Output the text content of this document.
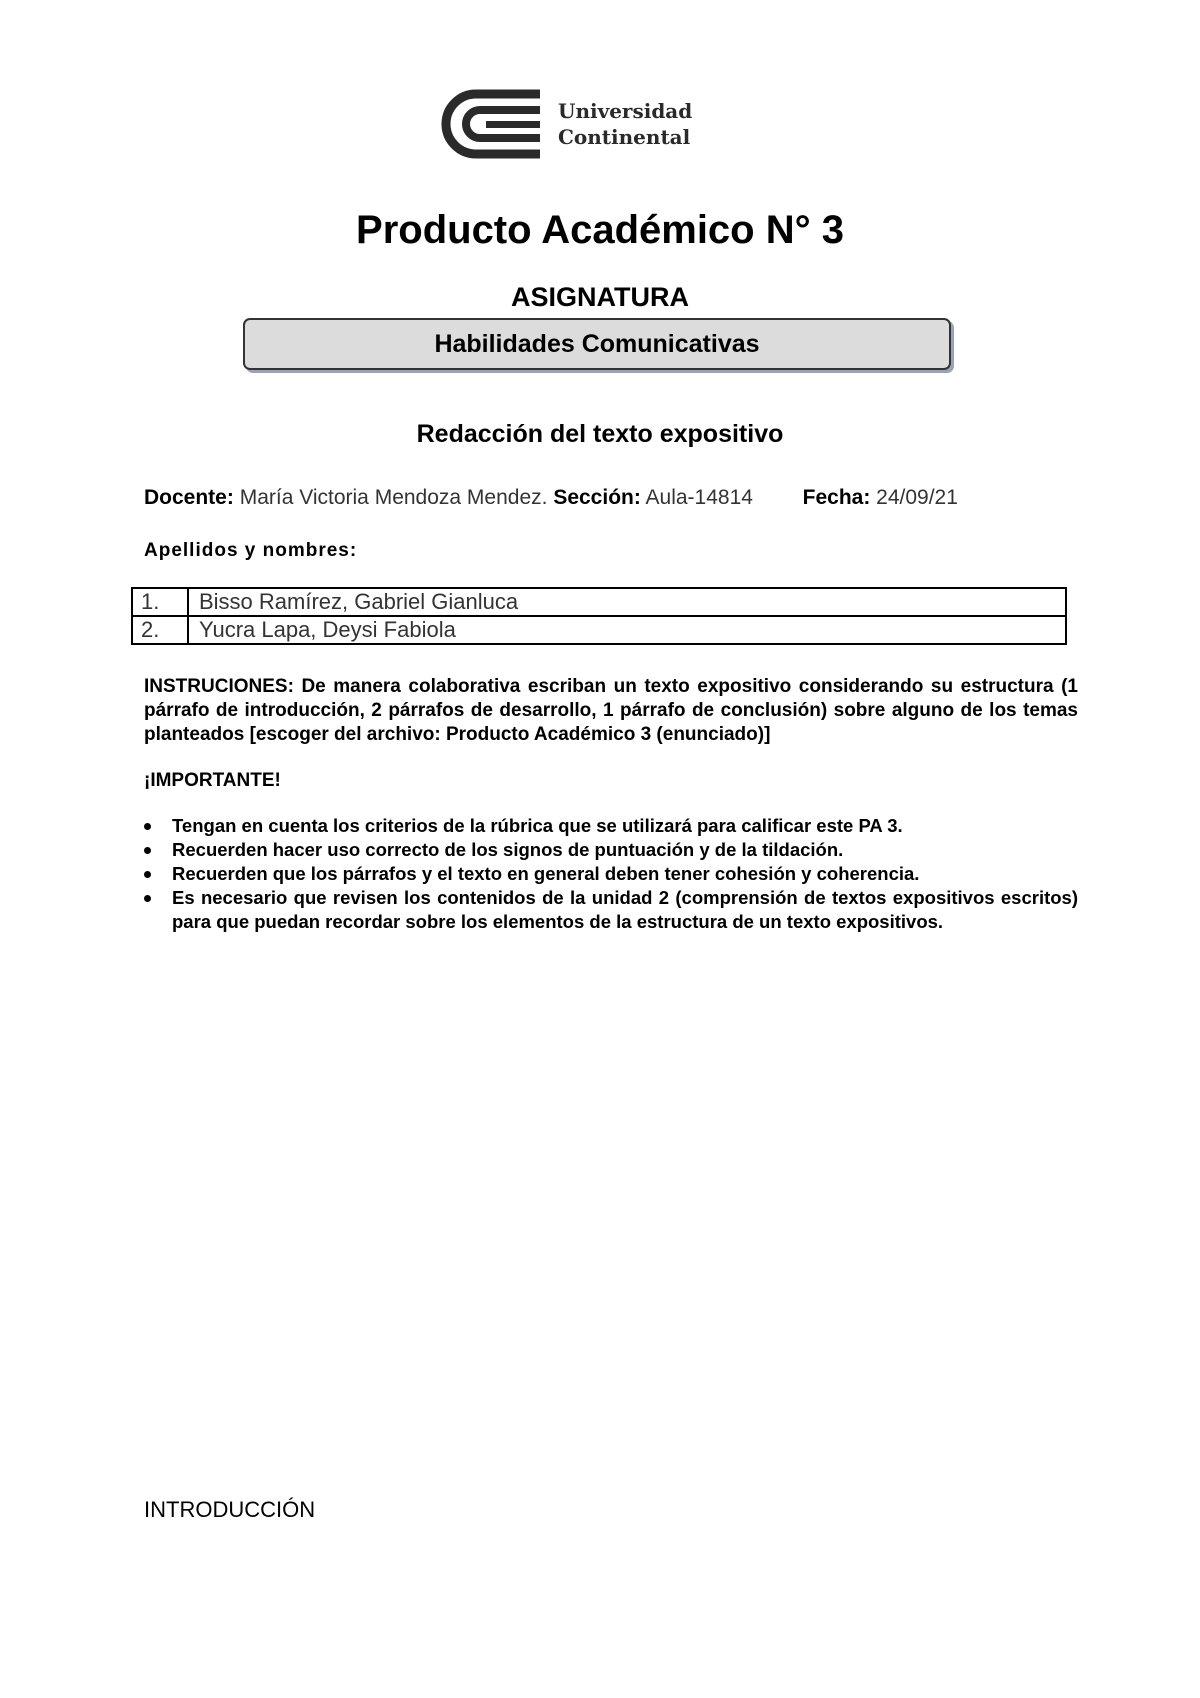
Universidad
Continental
Producto Académico N° 3
ASIGNATURA
Habilidades Comunicativas
Redacción del texto expositivo
Docente: María Victoria Mendoza Mendez. Sección: Aula-14814 Fecha: 24/09/21
Apellidos y nombres:
1.	Bisso Ramírez, Gabriel Gianluca
2.	Yucra Lapa, Deysi Fabiola
INSTRUCIONES: De manera colaborativa escriban un texto expositivo considerando su estructura (1 párrafo de introducción, 2 párrafos de desarrollo, 1 párrafo de conclusión) sobre alguno de los temas planteados [escoger del archivo: Producto Académico 3 (enunciado)]
¡IMPORTANTE!
Tengan en cuenta los criterios de la rúbrica que se utilizará para calificar este PA 3.
Recuerden hacer uso correcto de los signos de puntuación y de la tildación.
Recuerden que los párrafos y el texto en general deben tener cohesión y coherencia.
Es necesario que revisen los contenidos de la unidad 2 (comprensión de textos expositivos escritos) para que puedan recordar sobre los elementos de la estructura de un texto expositivos.
INTRODUCCIÓN
